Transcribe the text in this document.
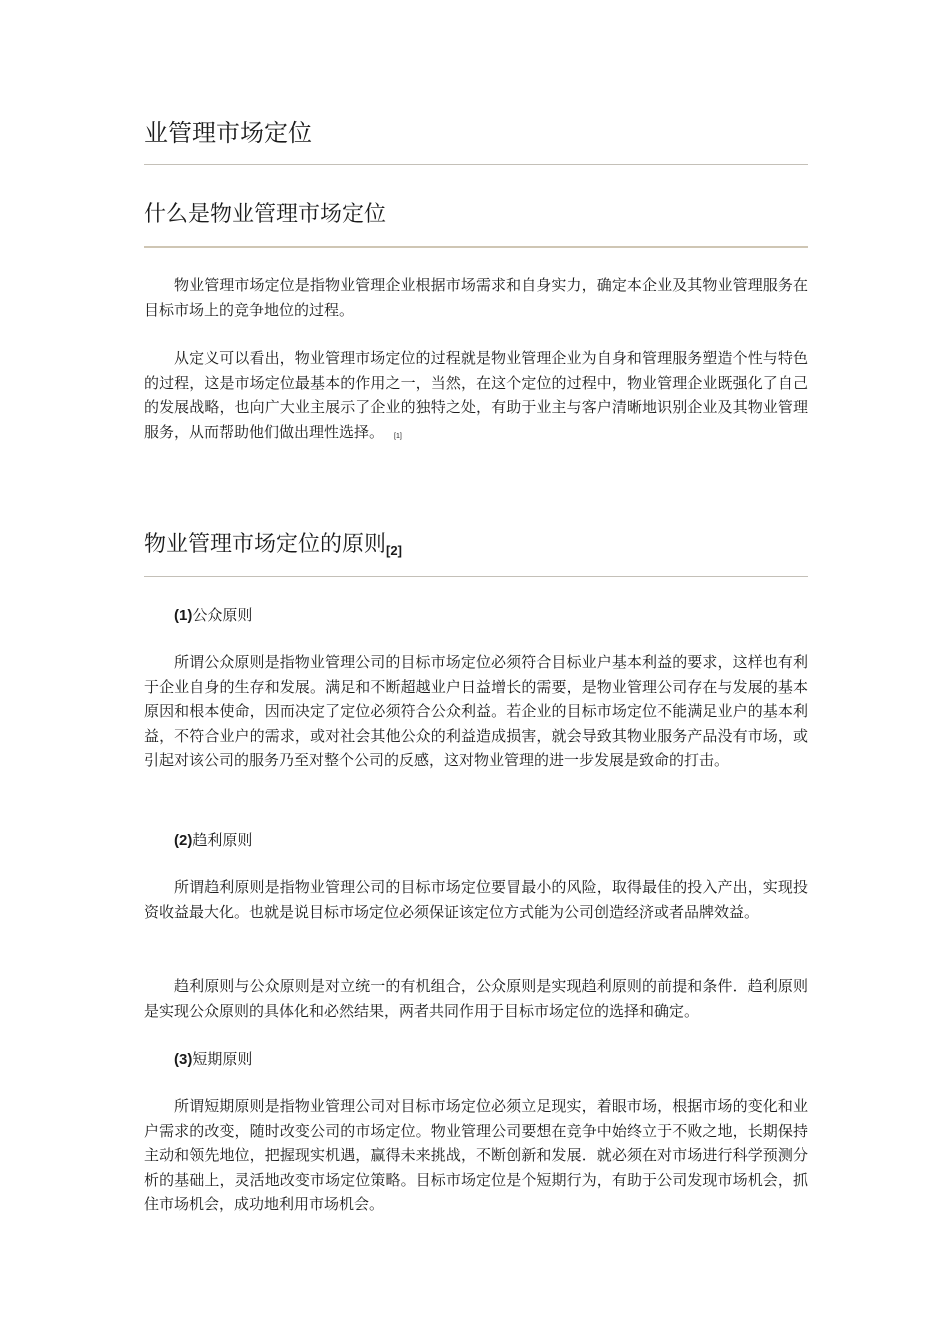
业管理市场定位
什么是物业管理市场定位

物业管理市场定位是指物业管理企业根据市场需求和自身实力，确定本企业及其物业管理服务在目标市场上的竞争地位的过程。

从定义可以看出，物业管理市场定位的过程就是物业管理企业为自身和管理服务塑造个性与特色的过程，这是市场定位最基本的作用之一，当然，在这个定位的过程中，物业管理企业既强化了自己的发展战略，也向广大业主展示了企业的独特之处，有助于业主与客户清晰地识别企业及其物业管理服务，从而帮助他们做出理性选择。 [1]

物业管理市场定位的原则[2]

(1)公众原则

所谓公众原则是指物业管理公司的目标市场定位必须符合目标业户基本利益的要求，这样也有利于企业自身的生存和发展。满足和不断超越业户日益增长的需要，是物业管理公司存在与发展的基本原因和根本使命，因而决定了定位必须符合公众利益。若企业的目标市场定位不能满足业户的基本利益，不符合业户的需求，或对社会其他公众的利益造成损害，就会导致其物业服务产品没有市场，或引起对该公司的服务乃至对整个公司的反感，这对物业管理的进一步发展是致命的打击。

(2)趋利原则

所谓趋利原则是指物业管理公司的目标市场定位要冒最小的风险，取得最佳的投入产出，实现投资收益最大化。也就是说目标市场定位必须保证该定位方式能为公司创造经济或者品牌效益。

趋利原则与公众原则是对立统一的有机组合，公众原则是实现趋利原则的前提和条件．趋利原则是实现公众原则的具体化和必然结果，两者共同作用于目标市场定位的选择和确定。

(3)短期原则

所谓短期原则是指物业管理公司对目标市场定位必须立足现实，着眼市场，根据市场的变化和业户需求的改变，随时改变公司的市场定位。物业管理公司要想在竞争中始终立于不败之地，长期保持主动和领先地位，把握现实机遇，赢得未来挑战，不断创新和发展．就必须在对市场进行科学预测分析的基础上，灵活地改变市场定位策略。目标市场定位是个短期行为，有助于公司发现市场机会，抓住市场机会，成功地利用市场机会。
